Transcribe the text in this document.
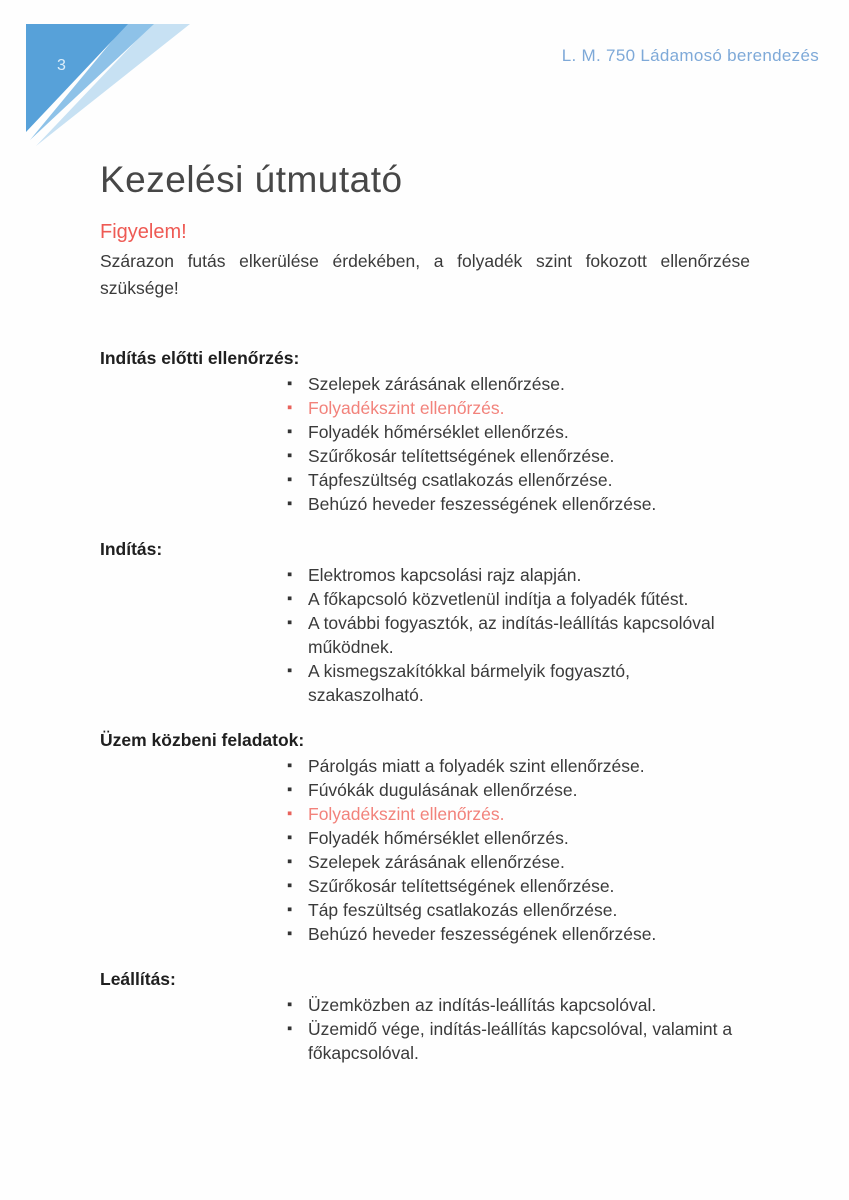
3
L. M. 750 Ládamosó berendezés
Kezelési útmutató
Figyelem!

Szárazon futás elkerülése érdekében, a folyadék szint fokozott ellenőrzése szüksége!

Indítás előtti ellenőrzés:
▪ Szelepek zárásának ellenőrzése.
▪ Folyadékszint ellenőrzés.
▪ Folyadék hőmérséklet ellenőrzés.
▪ Szűrőkosár telítettségének ellenőrzése.
▪ Tápfeszültség csatlakozás ellenőrzése.
▪ Behúzó heveder feszességének ellenőrzése.
Indítás:
▪ Elektromos kapcsolási rajz alapján.
▪ A főkapcsoló közvetlenül indítja a folyadék fűtést.
▪ A további fogyasztók, az indítás-leállítás kapcsolóval működnek.
▪ A kismegszakítókkal bármelyik fogyasztó, szakaszolható.
Üzem közbeni feladatok:
▪ Párolgás miatt a folyadék szint ellenőrzése.
▪ Fúvókák dugulásának ellenőrzése.
▪ Folyadékszint ellenőrzés.
▪ Folyadék hőmérséklet ellenőrzés.
▪ Szelepek zárásának ellenőrzése.
▪ Szűrőkosár telítettségének ellenőrzése.
▪ Táp feszültség csatlakozás ellenőrzése.
▪ Behúzó heveder feszességének ellenőrzése.
Leállítás:
▪ Üzemközben az indítás-leállítás kapcsolóval.
▪ Üzemidő vége, indítás-leállítás kapcsolóval, valamint a főkapcsolóval.
